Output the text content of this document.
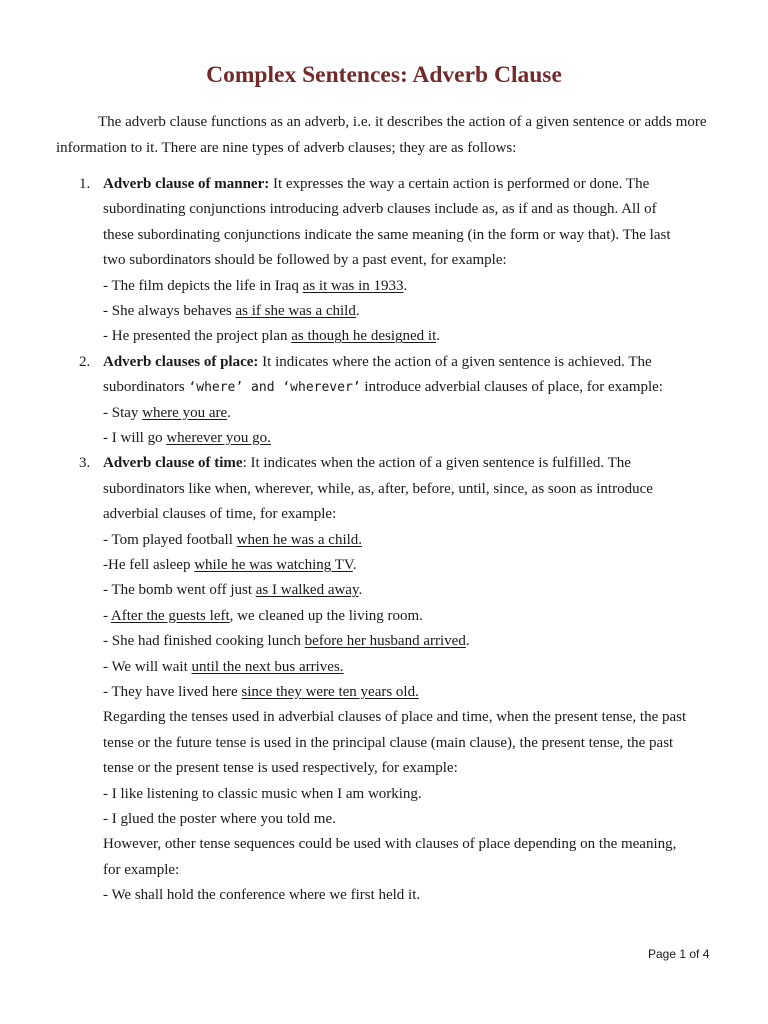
Complex Sentences: Adverb Clause

The adverb clause functions as an adverb, i.e. it describes the action of a given sentence or adds more information to it. There are nine types of adverb clauses; they are as follows:

1. Adverb clause of manner: It expresses the way a certain action is performed or done. The
subordinating conjunctions introducing adverb clauses include as, as if and as though. All of
these subordinating conjunctions indicate the same meaning (in the form or way that). The last
two subordinators should be followed by a past event, for example:
- The film depicts the life in Iraq as it was in 1933.
- She always behaves as if she was a child.
- He presented the project plan as though he designed it.
2. Adverb clauses of place: It indicates where the action of a given sentence is achieved. The
subordinators ‘where’ and ‘wherever’ introduce adverbial clauses of place, for example:
- Stay where you are.
- I will go wherever you go.
3. Adverb clause of time: It indicates when the action of a given sentence is fulfilled. The
subordinators like when, wherever, while, as, after, before, until, since, as soon as introduce
adverbial clauses of time, for example:
- Tom played football when he was a child.
-He fell asleep while he was watching TV.
- The bomb went off just as I walked away.
- After the guests left, we cleaned up the living room.
- She had finished cooking lunch before her husband arrived.
- We will wait until the next bus arrives.
- They have lived here since they were ten years old.
Regarding the tenses used in adverbial clauses of place and time, when the present tense, the past
tense or the future tense is used in the principal clause (main clause), the present tense, the past
tense or the present tense is used respectively, for example:
- I like listening to classic music when I am working.
- I glued the poster where you told me.
However, other tense sequences could be used with clauses of place depending on the meaning,
for example:
- We shall hold the conference where we first held it.
Page 1 of 4
